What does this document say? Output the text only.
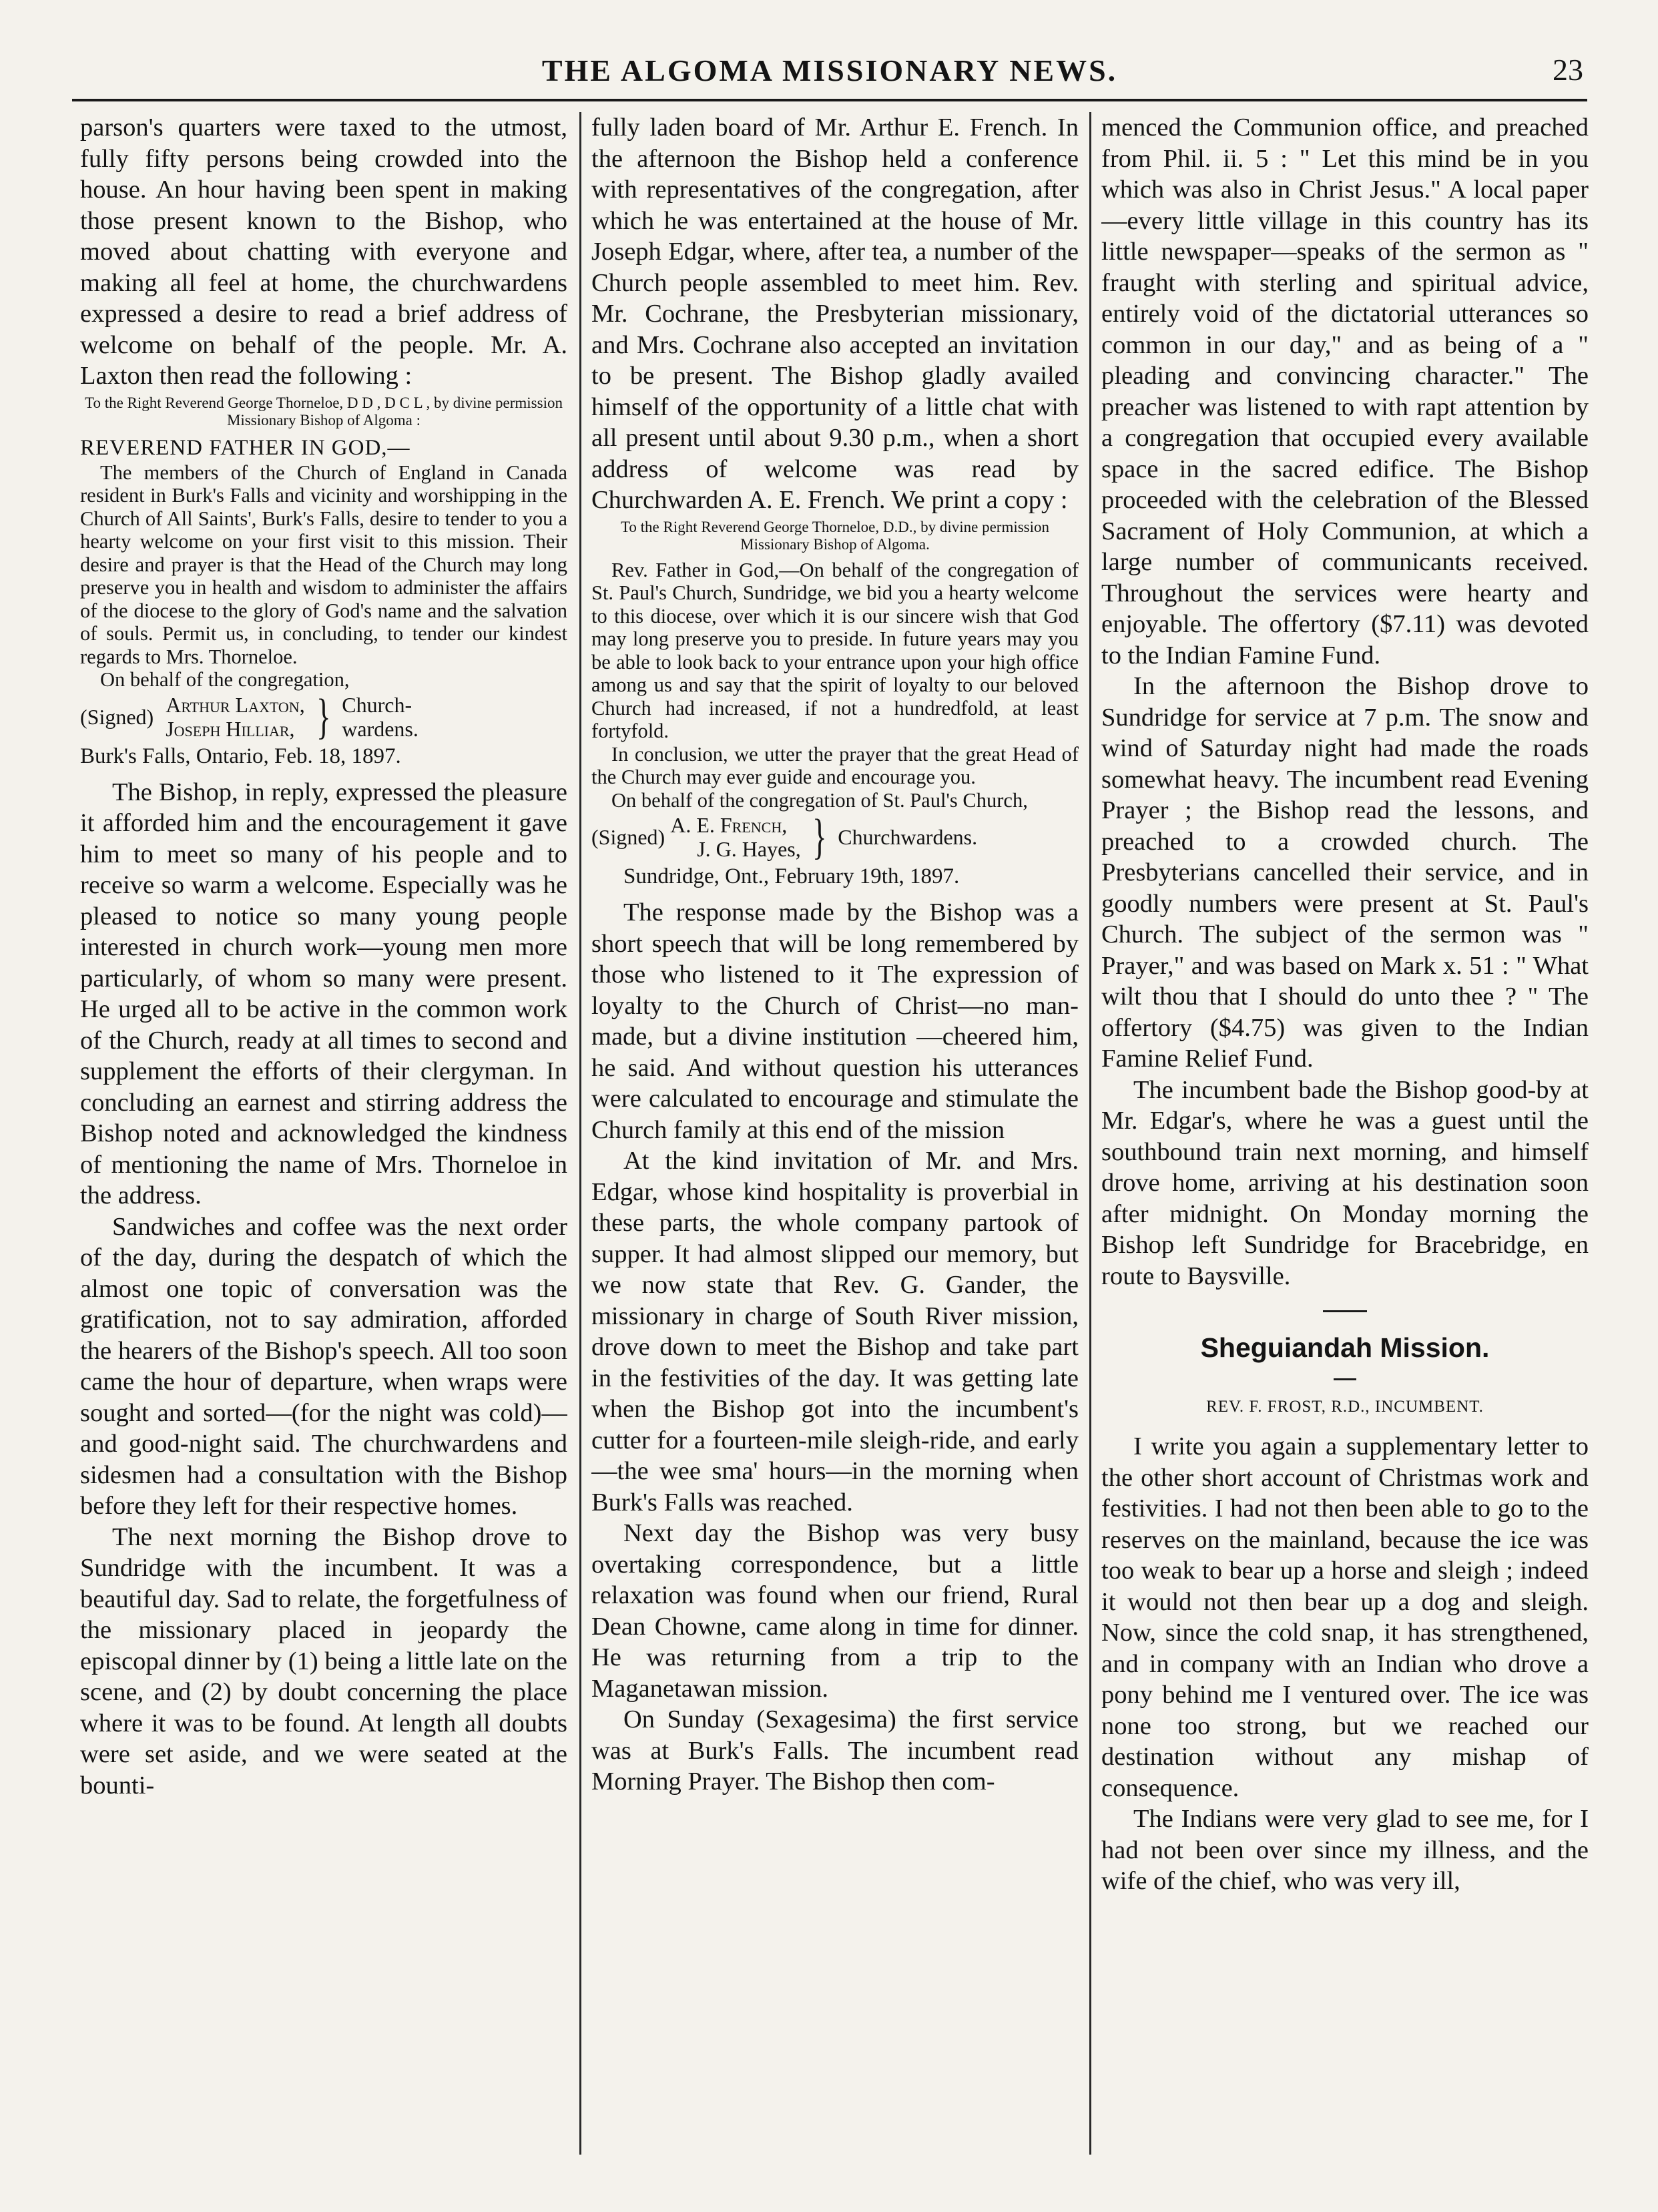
THE ALGOMA MISSIONARY NEWS.	23

parson's quarters were taxed to the utmost, fully fifty persons being crowded into the house. An hour having been spent in making those present known to the Bishop, who moved about chatting with everyone and making all feel at home, the churchwardens expressed a desire to read a brief address of welcome on behalf of the people. Mr. A. Laxton then read the following :

To the Right Reverend George Thorneloe, D D , D C L , by divine permission Missionary Bishop of Algoma :

REVEREND FATHER IN GOD,—

The members of the Church of England in Canada resident in Burk's Falls and vicinity and worshipping in the Church of All Saints', Burk's Falls, desire to tender to you a hearty welcome on your first visit to this mission. Their desire and prayer is that the Head of the Church may long preserve you in health and wisdom to administer the affairs of the diocese to the glory of God's name and the salvation of souls. Permit us, in concluding, to tender our kindest regards to Mrs. Thorneloe.

On behalf of the congregation,

(Signed) Arthur Laxton,
Joseph Hilliar, } Church-
wardens.

Burk's Falls, Ontario, Feb. 18, 1897.

The Bishop, in reply, expressed the pleasure it afforded him and the encouragement it gave him to meet so many of his people and to receive so warm a welcome. Especially was he pleased to notice so many young people interested in church work—young men more particularly, of whom so many were present. He urged all to be active in the common work of the Church, ready at all times to second and supplement the efforts of their clergyman. In concluding an earnest and stirring address the Bishop noted and acknowledged the kindness of mentioning the name of Mrs. Thorneloe in the address.

Sandwiches and coffee was the next order of the day, during the despatch of which the almost one topic of conversation was the gratification, not to say admiration, afforded the hearers of the Bishop's speech. All too soon came the hour of departure, when wraps were sought and sorted—(for the night was cold)—and good-night said. The churchwardens and sidesmen had a consultation with the Bishop before they left for their respective homes.

The next morning the Bishop drove to Sundridge with the incumbent. It was a beautiful day. Sad to relate, the forgetfulness of the missionary placed in jeopardy the episcopal dinner by (1) being a little late on the scene, and (2) by doubt concerning the place where it was to be found. At length all doubts were set aside, and we were seated at the bounti-

fully laden board of Mr. Arthur E. French. In the afternoon the Bishop held a conference with representatives of the congregation, after which he was entertained at the house of Mr. Joseph Edgar, where, after tea, a number of the Church people assembled to meet him. Rev. Mr. Cochrane, the Presbyterian missionary, and Mrs. Cochrane also accepted an invitation to be present. The Bishop gladly availed himself of the opportunity of a little chat with all present until about 9.30 p.m., when a short address of welcome was read by Churchwarden A. E. French. We print a copy :

To the Right Reverend George Thorneloe, D.D., by divine permission Missionary Bishop of Algoma.

Rev. Father in God,—On behalf of the congregation of St. Paul's Church, Sundridge, we bid you a hearty welcome to this diocese, over which it is our sincere wish that God may long preserve you to preside. In future years may you be able to look back to your entrance upon your high office among us and say that the spirit of loyalty to our beloved Church had increased, if not a hundredfold, at least fortyfold.

In conclusion, we utter the prayer that the great Head of the Church may ever guide and encourage you.

On behalf of the congregation of St. Paul's Church,

(Signed) A. E. French,
J. G. Hayes, } Churchwardens.

Sundridge, Ont., February 19th, 1897.

The response made by the Bishop was a short speech that will be long remembered by those who listened to it The expression of loyalty to the Church of Christ—no man-made, but a divine institution —cheered him, he said. And without question his utterances were calculated to encourage and stimulate the Church family at this end of the mission

At the kind invitation of Mr. and Mrs. Edgar, whose kind hospitality is proverbial in these parts, the whole company partook of supper. It had almost slipped our memory, but we now state that Rev. G. Gander, the missionary in charge of South River mission, drove down to meet the Bishop and take part in the festivities of the day. It was getting late when the Bishop got into the incumbent's cutter for a fourteen-mile sleigh-ride, and early—the wee sma' hours—in the morning when Burk's Falls was reached.

Next day the Bishop was very busy overtaking correspondence, but a little relaxation was found when our friend, Rural Dean Chowne, came along in time for dinner. He was returning from a trip to the Maganetawan mission.

On Sunday (Sexagesima) the first service was at Burk's Falls. The incumbent read Morning Prayer. The Bishop then com-

menced the Communion office, and preached from Phil. ii. 5 : " Let this mind be in you which was also in Christ Jesus." A local paper—every little village in this country has its little newspaper—speaks of the sermon as " fraught with sterling and spiritual advice, entirely void of the dictatorial utterances so common in our day," and as being of a " pleading and convincing character." The preacher was listened to with rapt attention by a congregation that occupied every available space in the sacred edifice. The Bishop proceeded with the celebration of the Blessed Sacrament of Holy Communion, at which a large number of communicants received. Throughout the services were hearty and enjoyable. The offertory ($7.11) was devoted to the Indian Famine Fund.

In the afternoon the Bishop drove to Sundridge for service at 7 p.m. The snow and wind of Saturday night had made the roads somewhat heavy. The incumbent read Evening Prayer ; the Bishop read the lessons, and preached to a crowded church. The Presbyterians cancelled their service, and in goodly numbers were present at St. Paul's Church. The subject of the sermon was " Prayer," and was based on Mark x. 51 : " What wilt thou that I should do unto thee ? " The offertory ($4.75) was given to the Indian Famine Relief Fund.

The incumbent bade the Bishop good-by at Mr. Edgar's, where he was a guest until the southbound train next morning, and himself drove home, arriving at his destination soon after midnight. On Monday morning the Bishop left Sundridge for Bracebridge, en route to Baysville.

Sheguiandah Mission.
REV. F. FROST, R.D., INCUMBENT.

I write you again a supplementary letter to the other short account of Christmas work and festivities. I had not then been able to go to the reserves on the mainland, because the ice was too weak to bear up a horse and sleigh ; indeed it would not then bear up a dog and sleigh. Now, since the cold snap, it has strengthened, and in company with an Indian who drove a pony behind me I ventured over. The ice was none too strong, but we reached our destination without any mishap of consequence.

The Indians were very glad to see me, for I had not been over since my illness, and the wife of the chief, who was very ill,
